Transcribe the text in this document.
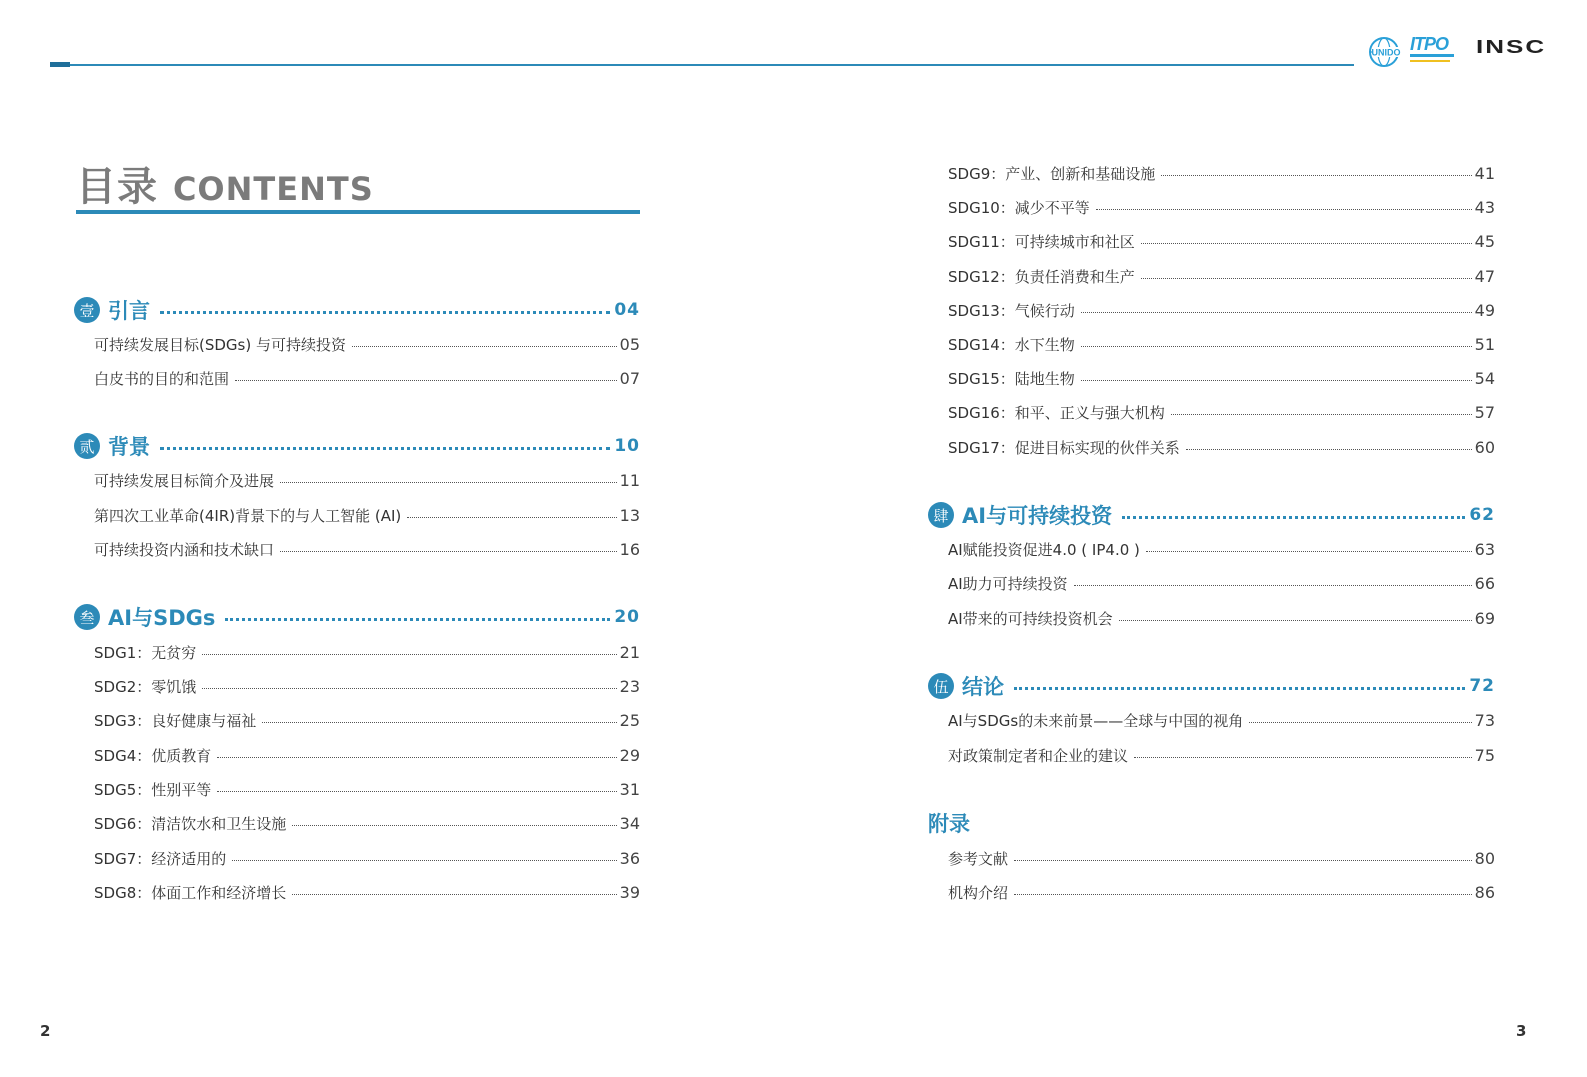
UNIDO ITPO INSC
目录 CONTENTS
壹 引言	04
可持续发展目标(SDGs) 与可持续投资	05
白皮书的目的和范围	07
贰 背景	10
可持续发展目标简介及进展	11
第四次工业革命(4IR)背景下的与人工智能 (AI)	13
可持续投资内涵和技术缺口	16
叁 AI与SDGs	20
SDG1：无贫穷	21
SDG2：零饥饿	23
SDG3：良好健康与福祉	25
SDG4：优质教育	29
SDG5：性别平等	31
SDG6：清洁饮水和卫生设施	34
SDG7：经济适用的	36
SDG8：体面工作和经济增长	39
SDG9：产业、创新和基础设施	41
SDG10：减少不平等	43
SDG11：可持续城市和社区	45
SDG12：负责任消费和生产	47
SDG13：气候行动	49
SDG14：水下生物	51
SDG15：陆地生物	54
SDG16：和平、正义与强大机构	57
SDG17：促进目标实现的伙伴关系	60
肆 AI与可持续投资	62
AI赋能投资促进4.0 ( IP4.0 )	63
AI助力可持续投资	66
AI带来的可持续投资机会	69
伍 结论	72
AI与SDGs的未来前景——全球与中国的视角	73
对政策制定者和企业的建议	75
附录
参考文献	80
机构介绍	86
2	3
